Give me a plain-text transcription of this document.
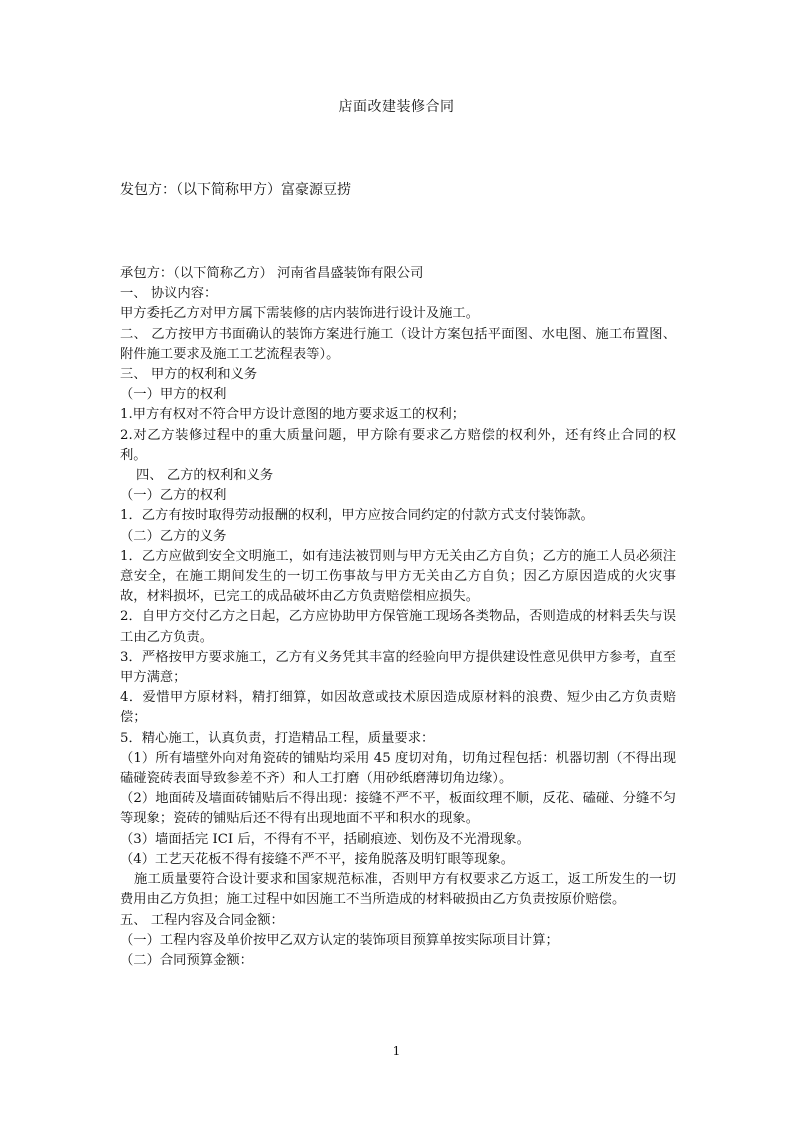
店面改建装修合同
发包方：（以下简称甲方）富豪源豆捞

承包方：（以下简称乙方） 河南省昌盛装饰有限公司

一、 协议内容：

甲方委托乙方对甲方属下需装修的店内装饰进行设计及施工。

二、 乙方按甲方书面确认的装饰方案进行施工（设计方案包括平面图、水电图、施工布置图、附件施工要求及施工工艺流程表等）。

三、 甲方的权利和义务

（一）甲方的权利

1.甲方有权对不符合甲方设计意图的地方要求返工的权利；

2.对乙方装修过程中的重大质量问题，甲方除有要求乙方赔偿的权利外，还有终止合同的权利。

四、 乙方的权利和义务

（一）乙方的权利

1．乙方有按时取得劳动报酬的权利，甲方应按合同约定的付款方式支付装饰款。

（二）乙方的义务

1．乙方应做到安全文明施工，如有违法被罚则与甲方无关由乙方自负；乙方的施工人员必须注意安全，在施工期间发生的一切工伤事故与甲方无关由乙方自负；因乙方原因造成的火灾事故，材料损坏，已完工的成品破坏由乙方负责赔偿相应损失。

2．自甲方交付乙方之日起，乙方应协助甲方保管施工现场各类物品，否则造成的材料丢失与误工由乙方负责。

3．严格按甲方要求施工，乙方有义务凭其丰富的经验向甲方提供建设性意见供甲方参考，直至甲方满意；

4．爱惜甲方原材料，精打细算，如因故意或技术原因造成原材料的浪费、短少由乙方负责赔偿；

5．精心施工，认真负责，打造精品工程，质量要求：

（1）所有墙壁外向对角瓷砖的铺贴均采用 45 度切对角，切角过程包括：机器切割（不得出现磕碰瓷砖表面导致参差不齐）和人工打磨（用砂纸磨薄切角边缘）。

（2）地面砖及墙面砖铺贴后不得出现：接缝不严不平，板面纹理不顺，反花、磕碰、分缝不匀等现象；瓷砖的铺贴后还不得有出现地面不平和积水的现象。

（3）墙面括完 ICI 后，不得有不平，括刷痕迹、划伤及不光滑现象。

（4）工艺天花板不得有接缝不严不平，接角脱落及明钉眼等现象。

施工质量要符合设计要求和国家规范标准，否则甲方有权要求乙方返工，返工所发生的一切费用由乙方负担；施工过程中如因施工不当所造成的材料破损由乙方负责按原价赔偿。

五、 工程内容及合同金额：

（一）工程内容及单价按甲乙双方认定的装饰项目预算单按实际项目计算；

（二）合同预算金额：

1
